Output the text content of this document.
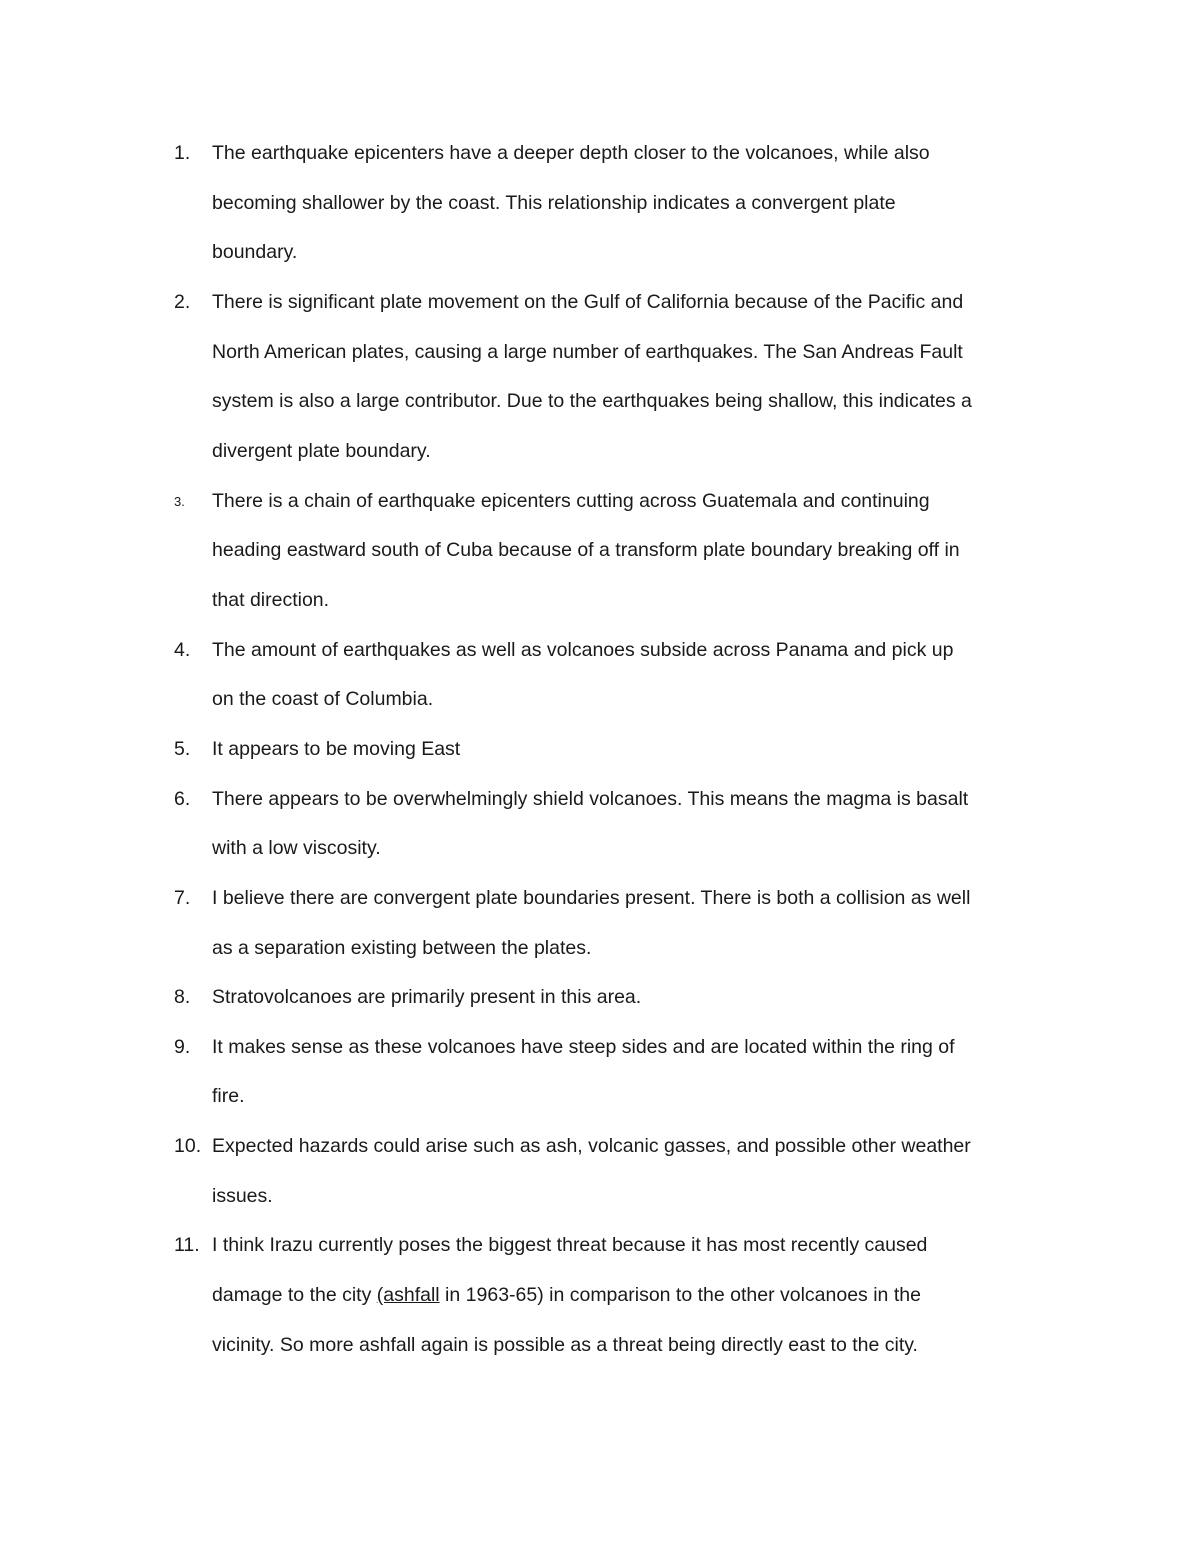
1.	The earthquake epicenters have a deeper depth closer to the volcanoes, while also
becoming shallower by the coast. This relationship indicates a convergent plate
boundary.
2.	There is significant plate movement on the Gulf of California because of the Pacific and
North American plates, causing a large number of earthquakes. The San Andreas Fault
system is also a large contributor. Due to the earthquakes being shallow, this indicates a
divergent plate boundary.
3.	There is a chain of earthquake epicenters cutting across Guatemala and continuing
heading eastward south of Cuba because of a transform plate boundary breaking off in
that direction.
4.	The amount of earthquakes as well as volcanoes subside across Panama and pick up
on the coast of Columbia.
5.	It appears to be moving East
6.	There appears to be overwhelmingly shield volcanoes. This means the magma is basalt
with a low viscosity.
7.	I believe there are convergent plate boundaries present. There is both a collision as well
as a separation existing between the plates.
8.	Stratovolcanoes are primarily present in this area.
9.	It makes sense as these volcanoes have steep sides and are located within the ring of
fire.
10. Expected hazards could arise such as ash, volcanic gasses, and possible other weather
issues.
11. I think Irazu currently poses the biggest threat because it has most recently caused
damage to the city (ashfall in 1963-65) in comparison to the other volcanoes in the
vicinity. So more ashfall again is possible as a threat being directly east to the city.
